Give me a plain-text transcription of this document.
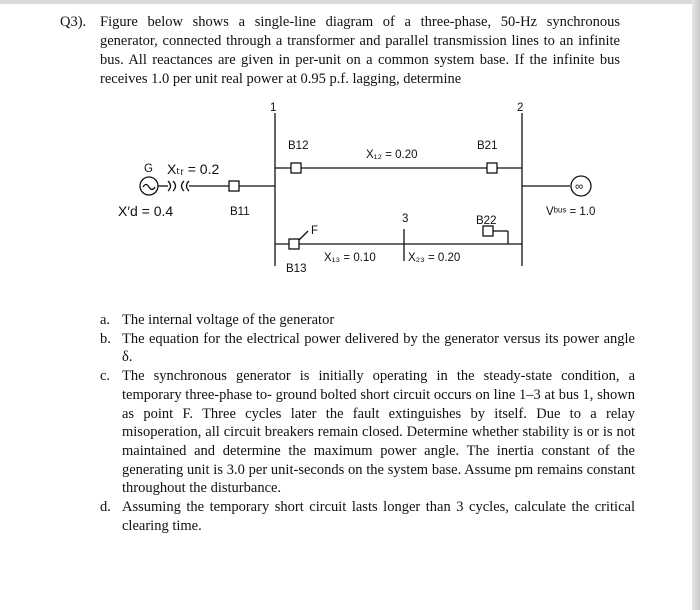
Q3). Figure below shows a single-line diagram of a three-phase, 50-Hz synchronous generator, connected through a transformer and parallel transmission lines to an infinite bus. All reactances are given in per-unit on a common system base. If the infinite bus receives 1.0 per unit real power at 0.95 p.f. lagging, determine
1	2
3
F
G Xₜᵣ = 0.2
X′d = 0.4	B11
B12
B13
B21
B22
X₁₂ = 0.20
X₁₃ = 0.10	X₂₃ = 0.20
Vᵇᵘˢ = 1.0
∞
a. The internal voltage of the generator
b. The equation for the electrical power delivered by the generator versus its power angle δ.
c. The synchronous generator is initially operating in the steady-state condition, a temporary three-phase to- ground bolted short circuit occurs on line 1–3 at bus 1, shown as point F. Three cycles later the fault extinguishes by itself. Due to a relay misoperation, all circuit breakers remain closed. Determine whether stability is or is not maintained and determine the maximum power angle. The inertia constant of the generating unit is 3.0 per unit-seconds on the system base. Assume pm remains constant throughout the disturbance.
d. Assuming the temporary short circuit lasts longer than 3 cycles, calculate the critical clearing time.
